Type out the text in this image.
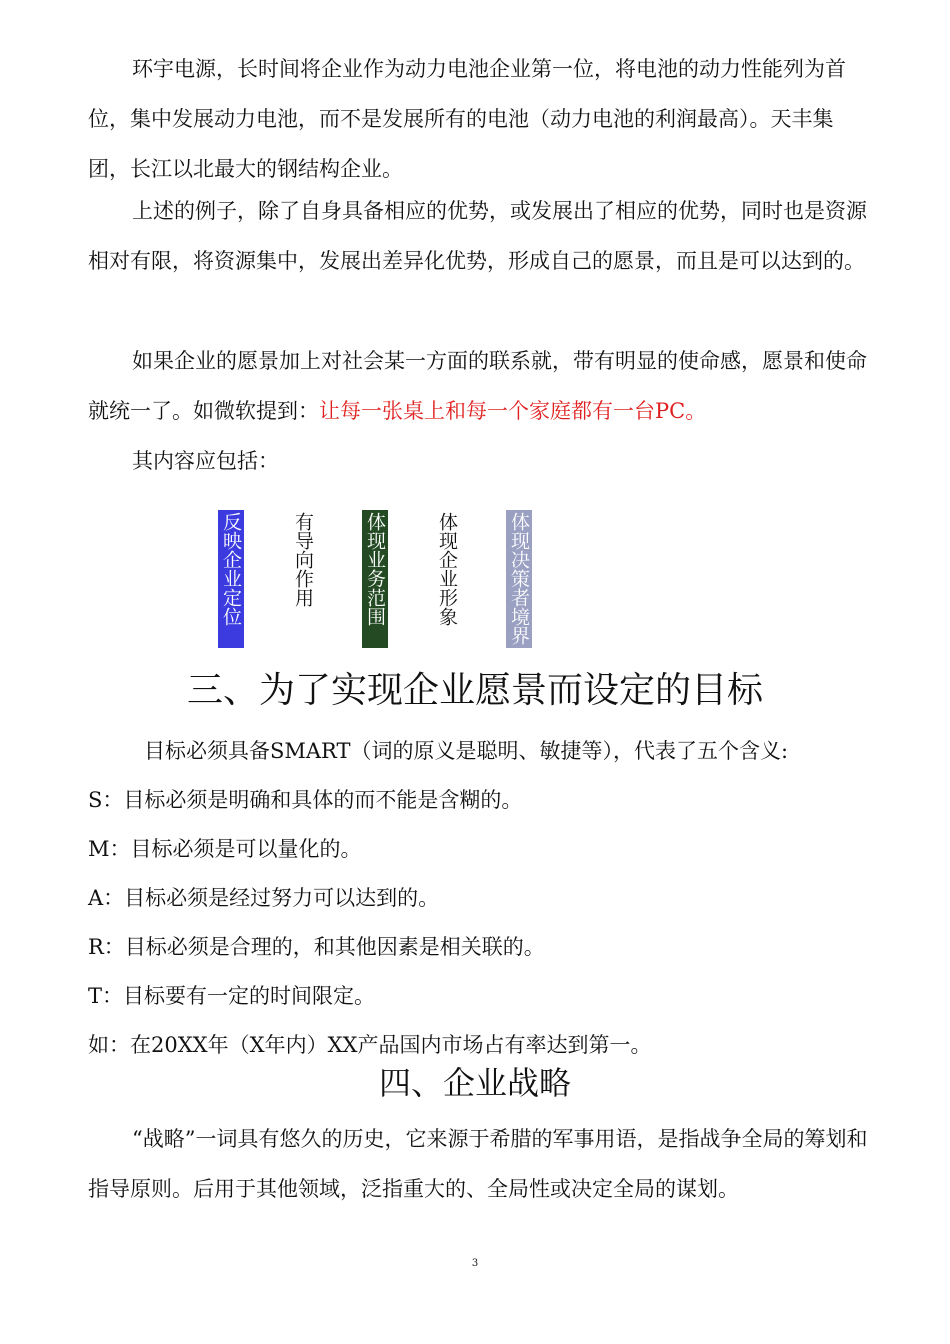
环宇电源，长时间将企业作为动力电池企业第一位，将电池的动力性能列为首位，集中发展动力电池，而不是发展所有的电池（动力电池的利润最高）。天丰集团，长江以北最大的钢结构企业。

上述的例子，除了自身具备相应的优势，或发展出了相应的优势，同时也是资源相对有限，将资源集中，发展出差异化优势，形成自己的愿景，而且是可以达到的。

如果企业的愿景加上对社会某一方面的联系就，带有明显的使命感，愿景和使命就统一了。如微软提到：让每一张桌上和每一个家庭都有一台PC。

其内容应包括：

反映企业定位	有导向作用	体现业务范围	体现企业形象	体现决策者境界
三、为了实现企业愿景而设定的目标

目标必须具备SMART（词的原义是聪明、敏捷等），代表了五个含义:

S：目标必须是明确和具体的而不能是含糊的。

M：目标必须是可以量化的。

A：目标必须是经过努力可以达到的。

R：目标必须是合理的，和其他因素是相关联的。

T：目标要有一定的时间限定。

如：在20XX年（X年内）XX产品国内市场占有率达到第一。

四、企业战略

“战略”一词具有悠久的历史，它来源于希腊的军事用语，是指战争全局的筹划和指导原则。后用于其他领域，泛指重大的、全局性或决定全局的谋划。

3
